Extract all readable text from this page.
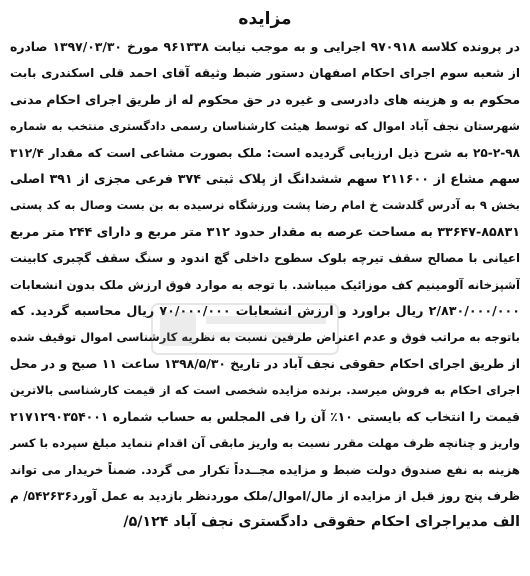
مزایده
در پرونده کلاسه ۹۷۰۹۱۸ اجرایی و به موجب نیابت ۹۶۱۳۳۸ مورخ ۱۳۹۷/۰۳/۳۰ صادره
از شعبه سوم اجرای احکام اصفهان دستور ضبط وثیقه آقای احمد قلی اسکندری بابت
محکوم به و هزینه های دادرسی و غیره در حق محکوم له از طریق اجرای احکام مدنی
شهرستان نجف آباد اموال که توسط هیئت کارشناسان رسمی دادگستری منتخب به شماره
۲۵-۲-۹۸ به شرح ذیل ارزیابی گردیده است: ملک بصورت مشاعی است که مقدار ۳۱۲/۴
سهم مشاع از ۲۱۱۶۰۰ سهم ششدانگ از پلاک ثبتی ۳۷۴ فرعی مجزی از ۳۹۱ اصلی
بخش ۹ به آدرس گلدشت خ امام رضا پشت ورزشگاه نرسیده به بن بست وصال به کد پستی
۳۳۶۴۷-۸۵۸۳۱ به مساحت عرصه به مقدار حدود ۳۱۲ متر مربع و دارای ۲۴۴ متر مربع
اعیانی با مصالح سقف تیرچه بلوک سطوح داخلی گچ اندود و سنگ سقف گچبری کابینت
آشپزخانه آلومینیم کف موزائیک میباشد. با توجه به موارد فوق ارزش ملک بدون انشعابات
۲/۸۳۰/۰۰۰/۰۰۰ ریال براورد و ارزش انشعابات ۷۰/۰۰۰/۰۰۰ ریال محاسبه گردید. که
باتوجه به مراتب فوق و عدم اعتراض طرفین نسبت به نظریه کارشناسی اموال توقیف شده
از طریق اجرای احکام حقوقی نجف آباد در تاریخ ۱۳۹۸/۵/۳۰ ساعت ۱۱ صبح و در محل
اجرای احکام به فروش میرسد. برنده مزایده شخصی است که از قیمت کارشناسی بالاترین
قیمت را انتخاب که بایستی ۱۰٪ آن را فی المجلس به حساب شماره ۲۱۷۱۲۹۰۳۵۴۰۰۱
واریز و چنانچه ظرف مهلت مقرر نسبت به واریز مابقی آن اقدام ننماید مبلغ سپرده با کسر
هزینه به نفع صندوق دولت ضبط و مزایده مجــدداً تکرار می گردد. ضمناً خریدار می تواند
ظرف پنج روز قبل از مزایده از مال/اموال/ملک موردنظر بازدید به عمل آورد۵۴۲۶۳۶/ م
الف مدیراجرای احکام حقوقی دادگستری نجف آباد ۵/۱۲۴/
